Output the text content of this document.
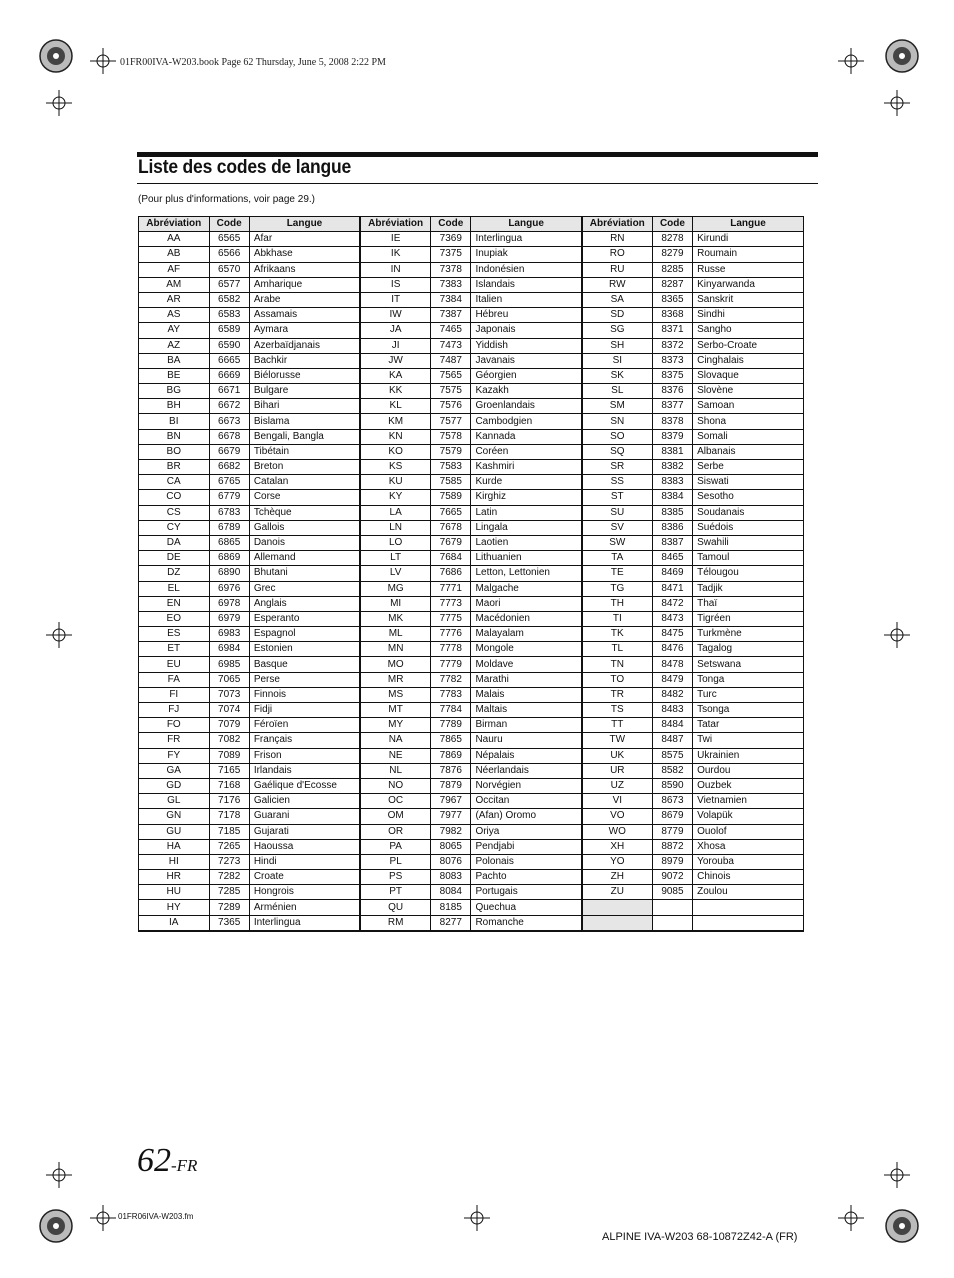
01FR00IVA-W203.book Page 62 Thursday, June 5, 2008 2:22 PM
Liste des codes de langue
(Pour plus d'informations, voir page 29.)
Abréviation	Code	Langue	Abréviation	Code	Langue	Abréviation	Code	Langue
AA	6565	Afar	IE	7369	Interlingua	RN	8278	Kirundi
AB	6566	Abkhase	IK	7375	Inupiak	RO	8279	Roumain
AF	6570	Afrikaans	IN	7378	Indonésien	RU	8285	Russe
AM	6577	Amharique	IS	7383	Islandais	RW	8287	Kinyarwanda
AR	6582	Arabe	IT	7384	Italien	SA	8365	Sanskrit
AS	6583	Assamais	IW	7387	Hébreu	SD	8368	Sindhi
AY	6589	Aymara	JA	7465	Japonais	SG	8371	Sangho
AZ	6590	Azerbaïdjanais	JI	7473	Yiddish	SH	8372	Serbo-Croate
BA	6665	Bachkir	JW	7487	Javanais	SI	8373	Cinghalais
BE	6669	Biélorusse	KA	7565	Géorgien	SK	8375	Slovaque
BG	6671	Bulgare	KK	7575	Kazakh	SL	8376	Slovène
BH	6672	Bihari	KL	7576	Groenlandais	SM	8377	Samoan
BI	6673	Bislama	KM	7577	Cambodgien	SN	8378	Shona
BN	6678	Bengali, Bangla	KN	7578	Kannada	SO	8379	Somali
BO	6679	Tibétain	KO	7579	Coréen	SQ	8381	Albanais
BR	6682	Breton	KS	7583	Kashmiri	SR	8382	Serbe
CA	6765	Catalan	KU	7585	Kurde	SS	8383	Siswati
CO	6779	Corse	KY	7589	Kirghiz	ST	8384	Sesotho
CS	6783	Tchèque	LA	7665	Latin	SU	8385	Soudanais
CY	6789	Gallois	LN	7678	Lingala	SV	8386	Suédois
DA	6865	Danois	LO	7679	Laotien	SW	8387	Swahili
DE	6869	Allemand	LT	7684	Lithuanien	TA	8465	Tamoul
DZ	6890	Bhutani	LV	7686	Letton, Lettonien	TE	8469	Télougou
EL	6976	Grec	MG	7771	Malgache	TG	8471	Tadjik
EN	6978	Anglais	MI	7773	Maori	TH	8472	Thaï
EO	6979	Esperanto	MK	7775	Macédonien	TI	8473	Tigréen
ES	6983	Espagnol	ML	7776	Malayalam	TK	8475	Turkmène
ET	6984	Estonien	MN	7778	Mongole	TL	8476	Tagalog
EU	6985	Basque	MO	7779	Moldave	TN	8478	Setswana
FA	7065	Perse	MR	7782	Marathi	TO	8479	Tonga
FI	7073	Finnois	MS	7783	Malais	TR	8482	Turc
FJ	7074	Fidji	MT	7784	Maltais	TS	8483	Tsonga
FO	7079	Féroïen	MY	7789	Birman	TT	8484	Tatar
FR	7082	Français	NA	7865	Nauru	TW	8487	Twi
FY	7089	Frison	NE	7869	Népalais	UK	8575	Ukrainien
GA	7165	Irlandais	NL	7876	Néerlandais	UR	8582	Ourdou
GD	7168	Gaélique d'Ecosse	NO	7879	Norvégien	UZ	8590	Ouzbek
GL	7176	Galicien	OC	7967	Occitan	VI	8673	Vietnamien
GN	7178	Guarani	OM	7977	(Afan) Oromo	VO	8679	Volapük
GU	7185	Gujarati	OR	7982	Oriya	WO	8779	Ouolof
HA	7265	Haoussa	PA	8065	Pendjabi	XH	8872	Xhosa
HI	7273	Hindi	PL	8076	Polonais	YO	8979	Yorouba
HR	7282	Croate	PS	8083	Pachto	ZH	9072	Chinois
HU	7285	Hongrois	PT	8084	Portugais	ZU	9085	Zoulou
HY	7289	Arménien	QU	8185	Quechua			
IA	7365	Interlingua	RM	8277	Romanche			
62-FR
01FR06IVA-W203.fm
ALPINE IVA-W203 68-10872Z42-A (FR)
